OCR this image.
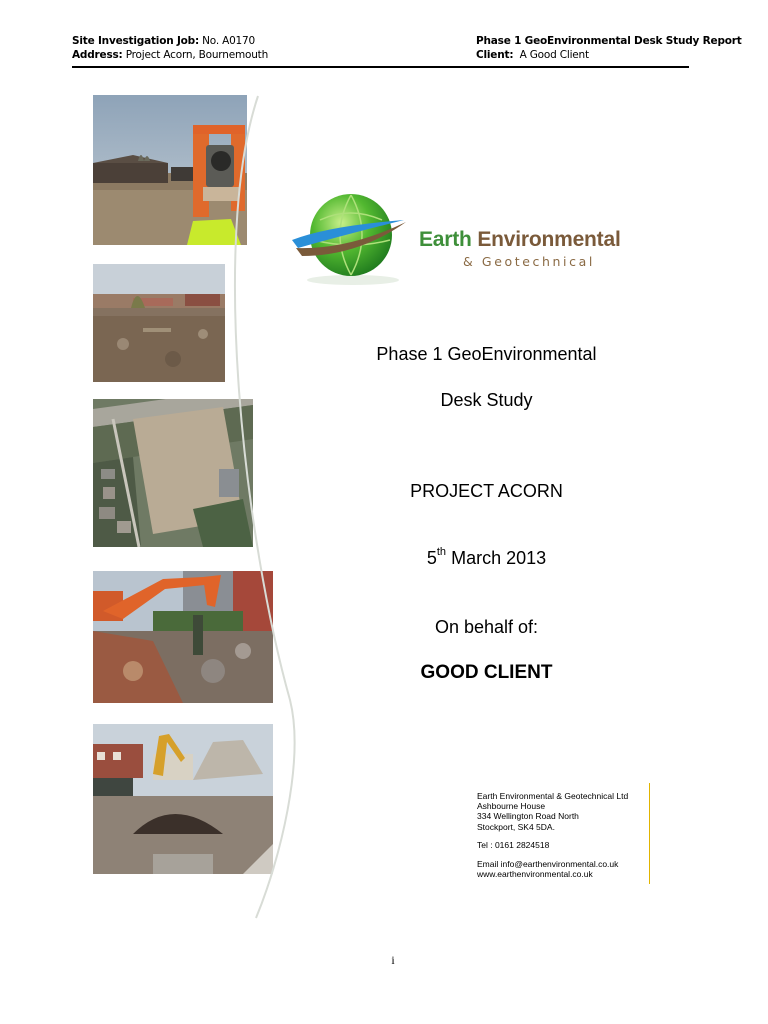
Site Investigation Job: No. A0170
Address: Project Acorn, Bournemouth
Phase 1 GeoEnvironmental Desk Study Report
Client: A Good Client
Earth Environmental
& Geotechnical
Phase 1 GeoEnvironmental
Desk Study
PROJECT ACORN
5th March 2013
On behalf of:
GOOD CLIENT
Earth Environmental & Geotechnical Ltd
Ashbourne House
334 Wellington Road North
Stockport, SK4 5DA.
Tel : 0161 2824518
Email info@earthenvironmental.co.uk
www.earthenvironmental.co.uk
i
